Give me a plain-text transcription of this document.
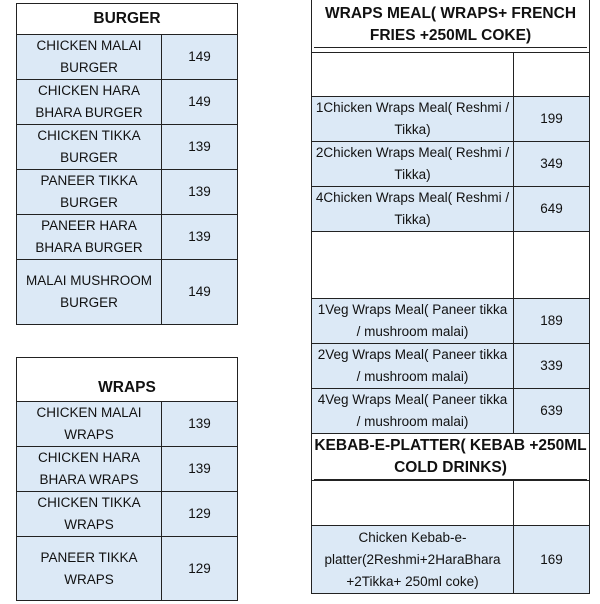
BURGER	
CHICKEN MALAI BURGER	149
CHICKEN HARA BHARA BURGER	149
CHICKEN TIKKA BURGER	139
PANEER TIKKA BURGER	139
PANEER HARA BHARA BURGER	139
MALAI MUSHROOM BURGER	149
WRAPS	
CHICKEN MALAI WRAPS	139
CHICKEN HARA BHARA WRAPS	139
CHICKEN TIKKA WRAPS	129
PANEER TIKKA WRAPS	129
WRAPS MEAL( WRAPS+ FRENCH FRIES +250ML COKE)	

1Chicken Wraps Meal( Reshmi / Tikka)	199
2Chicken Wraps Meal( Reshmi / Tikka)	349
4Chicken Wraps Meal( Reshmi / Tikka)	649

1Veg Wraps Meal( Paneer tikka / mushroom malai)	189
2Veg Wraps Meal( Paneer tikka / mushroom malai)	339
4Veg Wraps Meal( Paneer tikka / mushroom malai)	639
KEBAB-E-PLATTER( KEBAB +250ML COLD DRINKS)	

Chicken Kebab-e-platter(2Reshmi+2HaraBhara +2Tikka+ 250ml coke)	169
